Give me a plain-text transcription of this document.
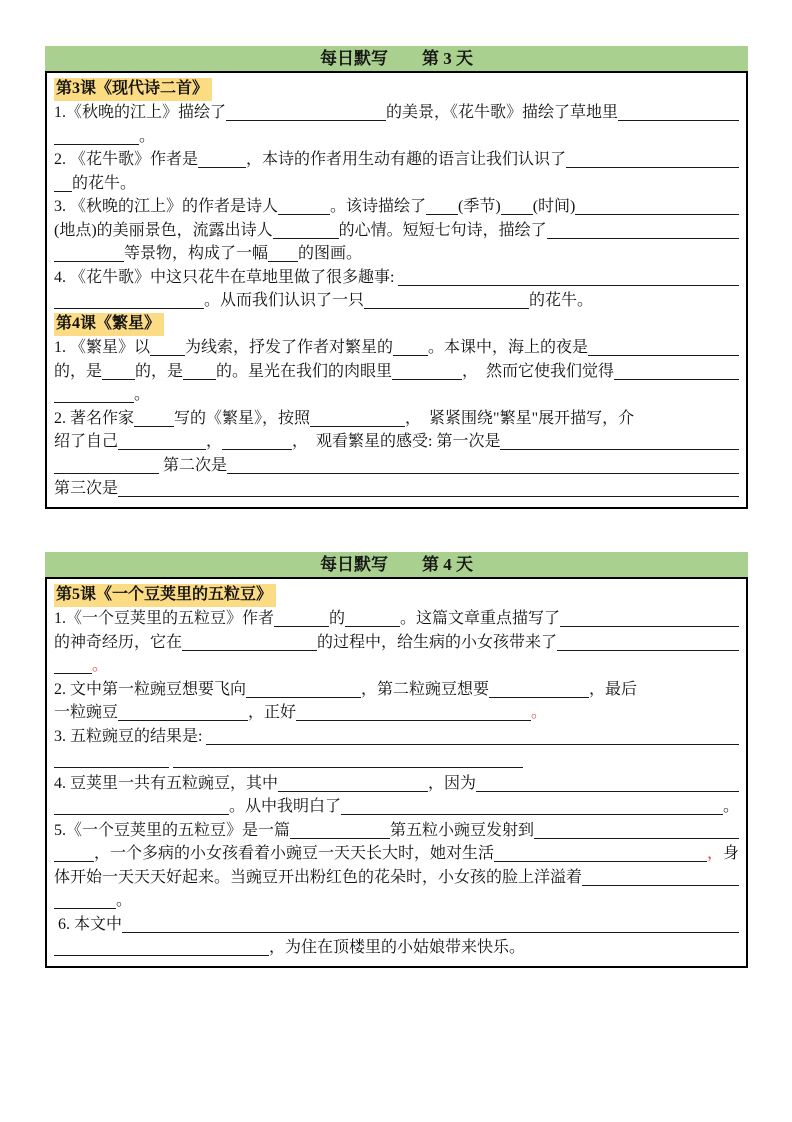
每日默写　　第 3 天
第3课《现代诗二首》
1.《秋晚的江上》描绘了	的美景，《花牛歌》描绘了草地里
。
2. 《花牛歌》作者是	，本诗的作者用生动有趣的语言让我们认识了
的花牛。
3. 《秋晚的江上》的作者是诗人	。该诗描绘了 (季节) (时间)
(地点)的美丽景色，流露出诗人	的心情。短短七句诗，描绘了
等景物，构成了一幅 的图画。
4. 《花牛歌》中这只花牛在草地里做了很多趣事:
。从而我们认识了一只	的花牛。
第4课《繁星》
1. 《繁星》以 为线索，抒发了作者对繁星的 。本课中，海上的夜是
的，是 的，是 的。星光在我们的肉眼里	，  然而它使我们觉得
。
2. 著名作家	写的《繁星》，按照	，  紧紧围绕"繁星"展开描写，介
绍了自己	，	，  观看繁星的感受: 第一次是
第二次是
第三次是
每日默写　　第 4 天
第5课《一个豆荚里的五粒豆》
1.《一个豆荚里的五粒豆》作者	的	。这篇文章重点描写了
的神奇经历，它在	的过程中，给生病的小女孩带来了
。
2. 文中第一粒豌豆想要飞向	，第二粒豌豆想要	，最后
一粒豌豆	，正好	。
3. 五粒豌豆的结果是:

4. 豆荚里一共有五粒豌豆，其中	，因为
。从中我明白了	。
5.《一个豆荚里的五粒豆》是一篇	第五粒小豌豆发射到
，一个多病的小女孩看着小豌豆一天天长大时，她对生活	， 身
体开始一天天天好起来。当豌豆开出粉红色的花朵时，小女孩的脸上洋溢着
。
6. 本文中
，为住在顶楼里的小姑娘带来快乐。
